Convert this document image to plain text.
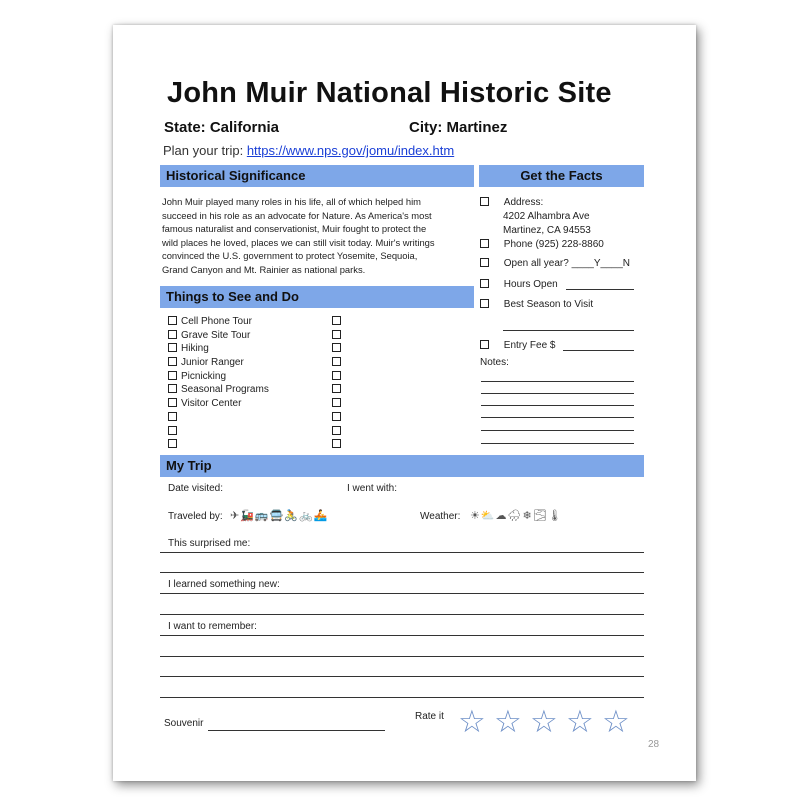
John Muir National Historic Site
State: California	City: Martinez
Plan your trip: https://www.nps.gov/jomu/index.htm
Historical Significance
John Muir played many roles in his life, all of which helped him
succeed in his role as an advocate for Nature. As America's most
famous naturalist and conservationist, Muir fought to protect the
wild places he loved, places we can still visit today. Muir's writings
convinced the U.S. government to protect Yosemite, Sequoia,
Grand Canyon and Mt. Rainier as national parks.
Get the Facts
Address:
4202 Alhambra Ave
Martinez, CA 94553
Phone (925) 228-8860
Open all year? ____Y____N
Hours Open
Best Season to Visit
Entry Fee $
Notes:
Things to See and Do
Cell Phone Tour
Grave Site Tour
Hiking
Junior Ranger
Picnicking
Seasonal Programs
Visitor Center
My Trip
Date visited:	I went with:
Traveled by: ✈🚂🚌🚍🚴🚲🚣	Weather: ☀⛅☁🌧❄🌫🌡
This surprised me:
I learned something new:
I want to remember:
Souvenir
Rate it ☆ ☆ ☆ ☆ ☆
28
